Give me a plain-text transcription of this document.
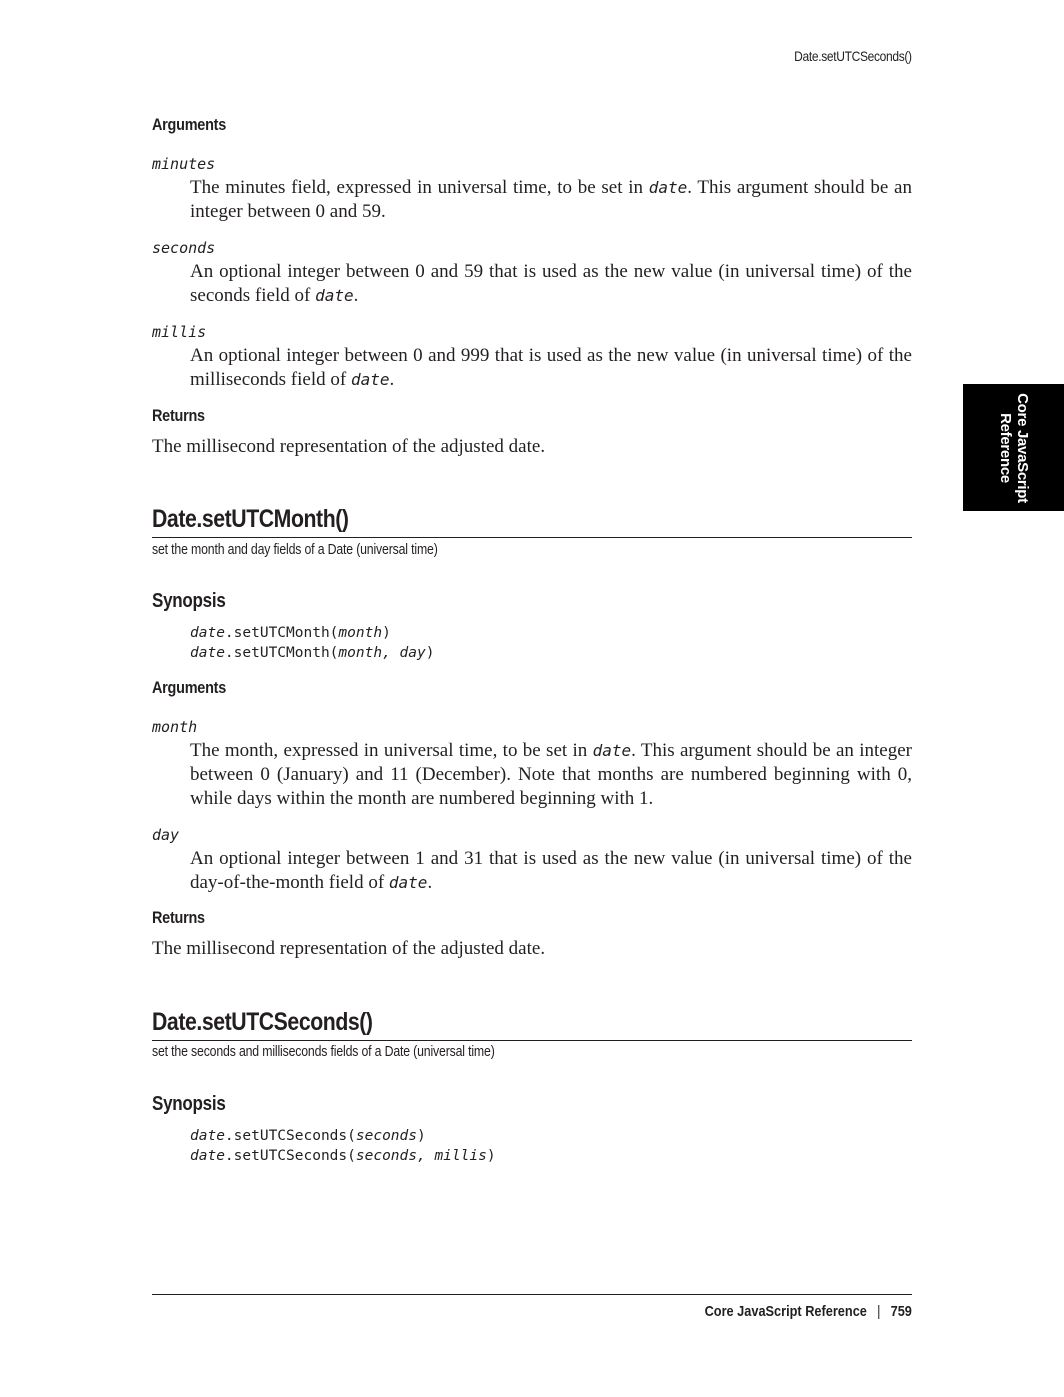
Date.setUTCSeconds()
Core JavaScript
Reference
Arguments
minutes
The minutes field, expressed in universal time, to be set in date. This argument should be an integer between 0 and 59.
seconds
An optional integer between 0 and 59 that is used as the new value (in universal time) of the seconds field of date.
millis
An optional integer between 0 and 999 that is used as the new value (in universal time) of the milliseconds field of date.
Returns
The millisecond representation of the adjusted date.
Date.setUTCMonth()
set the month and day fields of a Date (universal time)
Synopsis
date.setUTCMonth(month)
date.setUTCMonth(month, day)
Arguments
month
The month, expressed in universal time, to be set in date. This argument should be an integer between 0 (January) and 11 (December). Note that months are numbered beginning with 0, while days within the month are numbered beginning with 1.
day
An optional integer between 1 and 31 that is used as the new value (in universal time) of the day-of-the-month field of date.
Returns
The millisecond representation of the adjusted date.
Date.setUTCSeconds()
set the seconds and milliseconds fields of a Date (universal time)
Synopsis
date.setUTCSeconds(seconds)
date.setUTCSeconds(seconds, millis)
Core JavaScript Reference | 759
